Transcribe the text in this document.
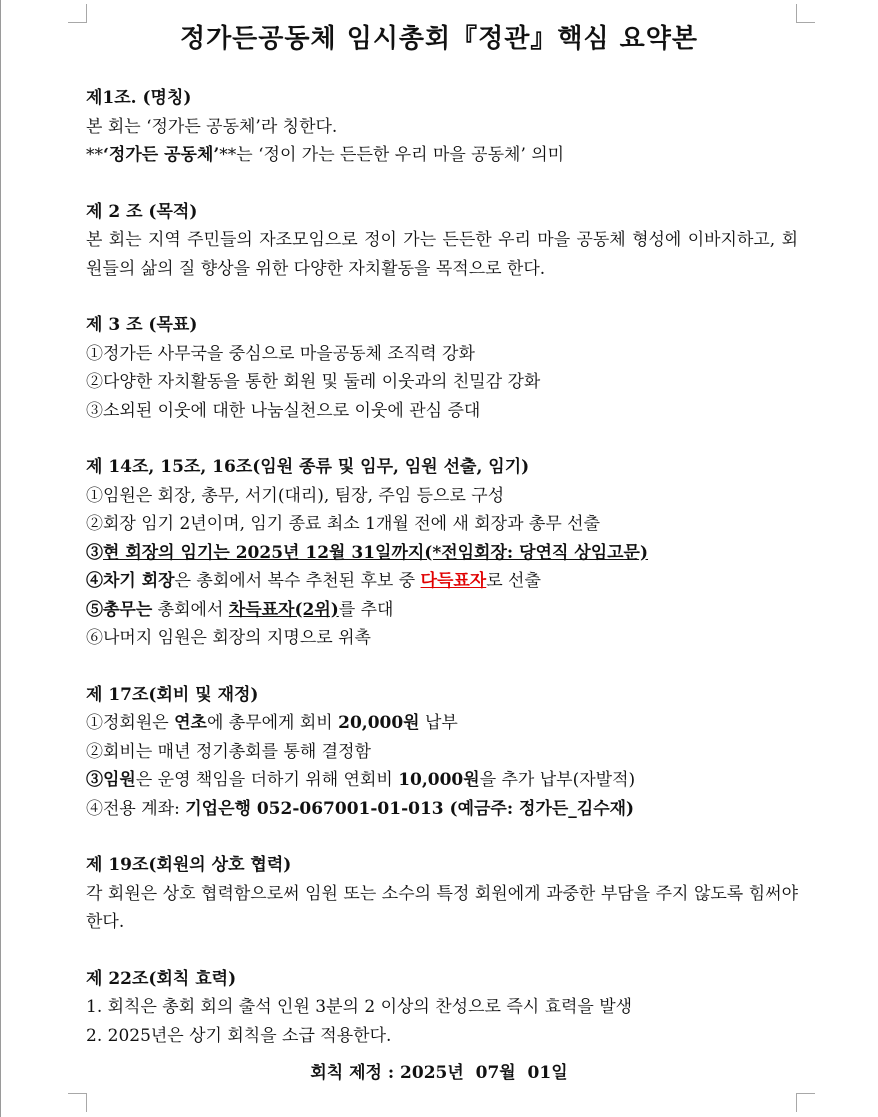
정가든공동체 임시총회『정관』핵심 요약본
제1조. (명칭)
본 회는 ‘정가든 공동체’라 칭한다.
**‘정가든 공동체’**는 ‘정이 가는 든든한 우리 마을 공동체’ 의미
제 2 조 (목적)
본 회는 지역 주민들의 자조모임으로 정이 가는 든든한 우리 마을 공동체 형성에 이바지하고, 회원들의 삶의 질 향상을 위한 다양한 자치활동을 목적으로 한다.
제 3 조 (목표)
①정가든 사무국을 중심으로 마을공동체 조직력 강화
②다양한 자치활동을 통한 회원 및 둘레 이웃과의 친밀감 강화
③소외된 이웃에 대한 나눔실천으로 이웃에 관심 증대
제 14조, 15조, 16조(임원 종류 및 임무, 임원 선출, 임기)
①임원은 회장, 총무, 서기(대리), 팀장, 주임 등으로 구성
②회장 임기 2년이며, 임기 종료 최소 1개월 전에 새 회장과 총무 선출
③현 회장의 임기는 2025년 12월 31일까지(*전임회장: 당연직 상임고문)
④차기 회장은 총회에서 복수 추천된 후보 중 다득표자로 선출
⑤총무는 총회에서 차득표자(2위)를 추대
⑥나머지 임원은 회장의 지명으로 위촉
제 17조(회비 및 재정)
①정회원은 연초에 총무에게 회비 20,000원 납부
②회비는 매년 정기총회를 통해 결정함
③임원은 운영 책임을 더하기 위해 연회비 10,000원을 추가 납부(자발적)
④전용 계좌: 기업은행 052-067001-01-013 (예금주: 정가든_김수재)
제 19조(회원의 상호 협력)
각 회원은 상호 협력함으로써 임원 또는 소수의 특정 회원에게 과중한 부담을 주지 않도록 힘써야 한다.
제 22조(회칙 효력)
1. 회칙은 총회 회의 출석 인원 3분의 2 이상의 찬성으로 즉시 효력을 발생
2. 2025년은 상기 회칙을 소급 적용한다.
회칙 제정 : 2025년  07월  01일
